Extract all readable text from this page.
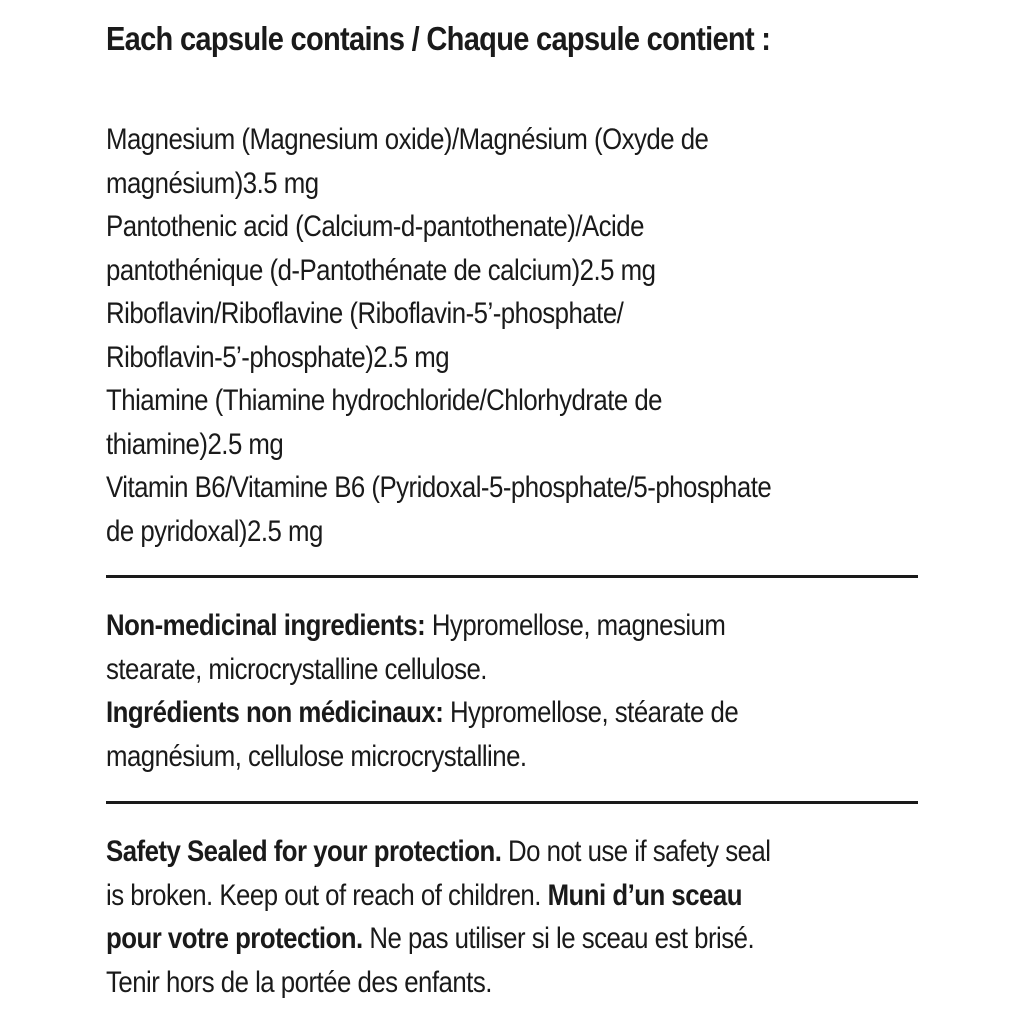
Each capsule contains / Chaque capsule contient :
Magnesium (Magnesium oxide)/Magnésium (Oxyde de
magnésium) 3.5 mg
Pantothenic acid (Calcium-d-pantothenate)/Acide
pantothénique (d-Pantothénate de calcium) 2.5 mg
Riboflavin/Riboflavine (Riboflavin-5’-phosphate/
Riboflavin-5’-phosphate) 2.5 mg
Thiamine (Thiamine hydrochloride/Chlorhydrate de
thiamine) 2.5 mg
Vitamin B6/Vitamine B6 (Pyridoxal-5-phosphate/5-phosphate
de pyridoxal) 2.5 mg
Non-medicinal ingredients: Hypromellose, magnesium
stearate, microcrystalline cellulose.
Ingrédients non médicinaux: Hypromellose, stéarate de
magnésium, cellulose microcrystalline.
Safety Sealed for your protection. Do not use if safety seal
is broken. Keep out of reach of children. Muni d’un sceau
pour votre protection. Ne pas utiliser si le sceau est brisé.
Tenir hors de la portée des enfants.
